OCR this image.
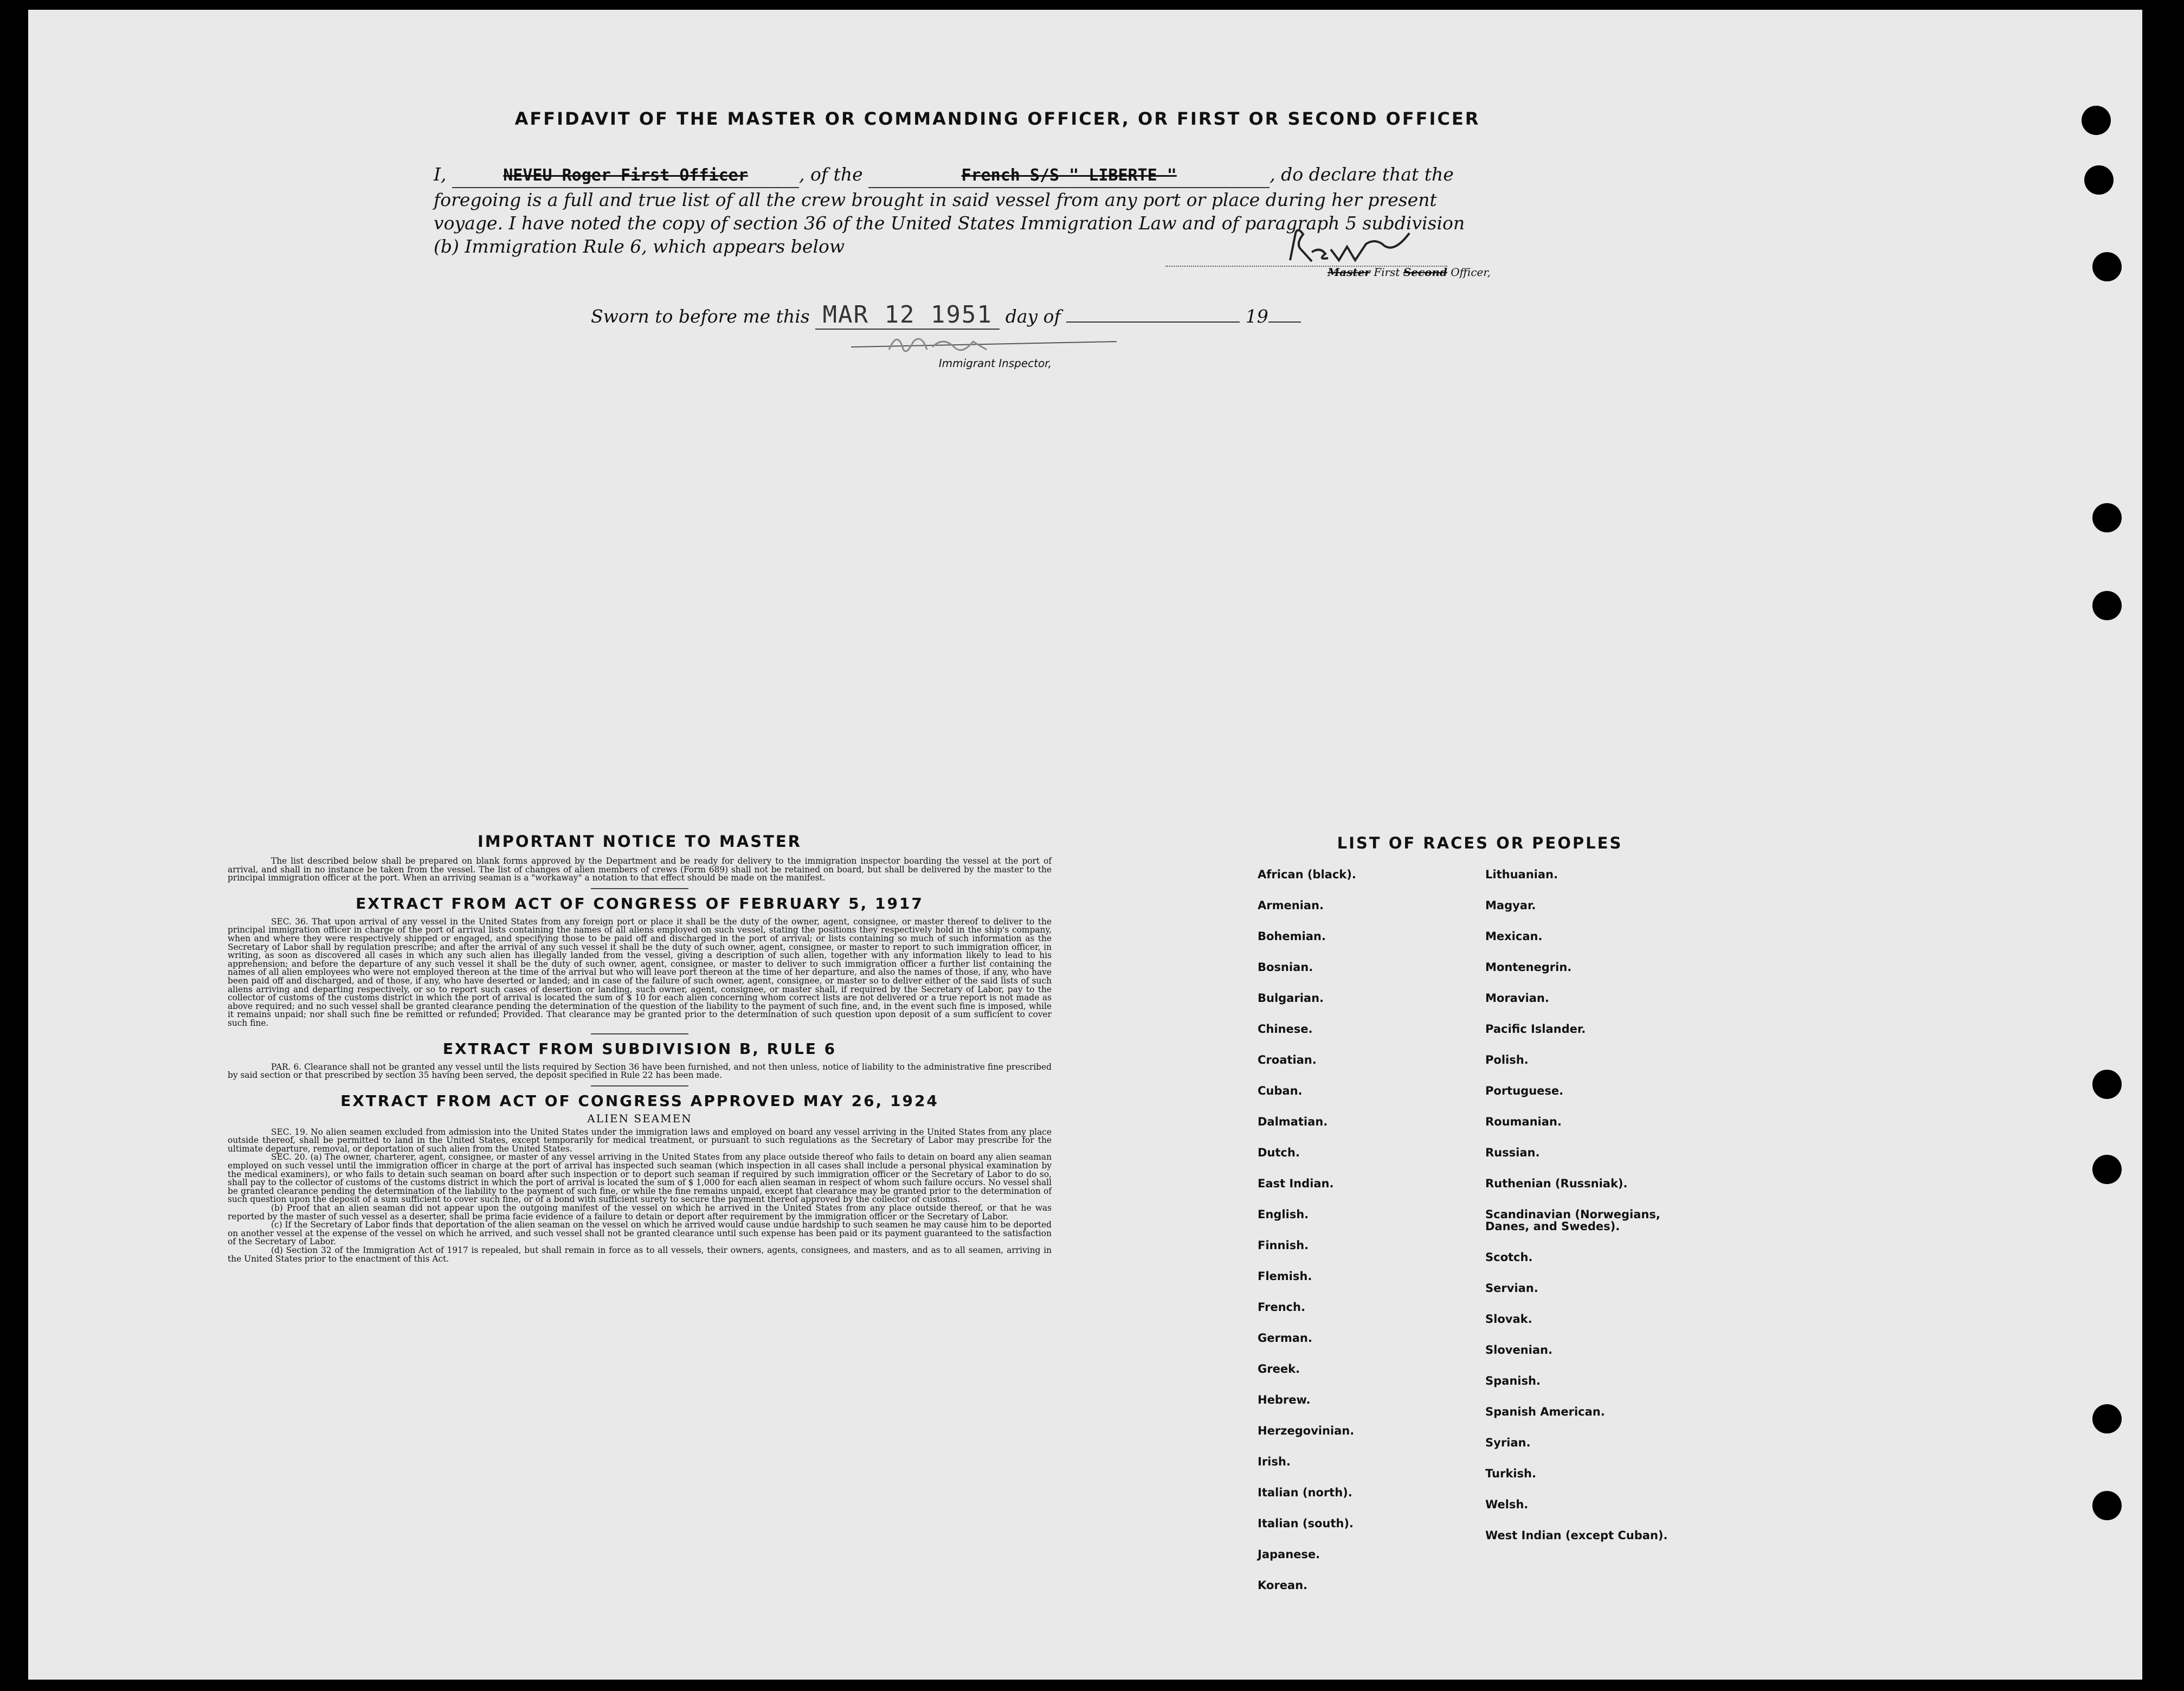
AFFIDAVIT OF THE MASTER OR COMMANDING OFFICER, OR FIRST OR SECOND OFFICER

I,	NEVEU Roger First Officer	, of the	French S/S " LIBERTE "	, do declare that the foregoing is a full and true list of all the crew brought in said vessel from any port or place during her present voyage. I have noted the copy of section 36 of the United States Immigration Law and of paragraph 5 subdivision (b) Immigration Rule 6, which appears below

Master First Second Officer,
Sworn to before me this MAR 12 1951 day of	19
Immigrant Inspector,
IMPORTANT NOTICE TO MASTER

The list described below shall be prepared on blank forms approved by the Department and be ready for delivery to the immigration inspector boarding the vessel at the port of arrival, and shall in no instance be taken from the vessel. The list of changes of alien members of crews (Form 689) shall not be retained on board, but shall be delivered by the master to the principal immigration officer at the port. When an arriving seaman is a "workaway" a notation to that effect should be made on the manifest.

EXTRACT FROM ACT OF CONGRESS OF FEBRUARY 5, 1917

SEC. 36. That upon arrival of any vessel in the United States from any foreign port or place it shall be the duty of the owner, agent, consignee, or master thereof to deliver to the principal immigration officer in charge of the port of arrival lists containing the names of all aliens employed on such vessel, stating the positions they respectively hold in the ship's company, when and where they were respectively shipped or engaged, and specifying those to be paid off and discharged in the port of arrival; or lists containing so much of such information as the Secretary of Labor shall by regulation prescribe; and after the arrival of any such vessel it shall be the duty of such owner, agent, consignee, or master to report to such immigration officer, in writing, as soon as discovered all cases in which any such alien has illegally landed from the vessel, giving a description of such alien, together with any information likely to lead to his apprehension; and before the departure of any such vessel it shall be the duty of such owner, agent, consignee, or master to deliver to such immigration officer a further list containing the names of all alien employees who were not employed thereon at the time of the arrival but who will leave port thereon at the time of her departure, and also the names of those, if any, who have been paid off and discharged, and of those, if any, who have deserted or landed; and in case of the failure of such owner, agent, consignee, or master so to deliver either of the said lists of such aliens arriving and departing respectively, or so to report such cases of desertion or landing, such owner, agent, consignee, or master shall, if required by the Secretary of Labor, pay to the collector of customs of the customs district in which the port of arrival is located the sum of $ 10 for each alien concerning whom correct lists are not delivered or a true report is not made as above required; and no such vessel shall be granted clearance pending the determination of the question of the liability to the payment of such fine, and, in the event such fine is imposed, while it remains unpaid; nor shall such fine be remitted or refunded; Provided. That clearance may be granted prior to the determination of such question upon deposit of a sum sufficient to cover such fine.

EXTRACT FROM SUBDIVISION B, RULE 6

PAR. 6. Clearance shall not be granted any vessel until the lists required by Section 36 have been furnished, and not then unless, notice of liability to the administrative fine prescribed by said section or that prescribed by section 35 having been served, the deposit specified in Rule 22 has been made.

EXTRACT FROM ACT OF CONGRESS APPROVED MAY 26, 1924
ALIEN SEAMEN

SEC. 19. No alien seamen excluded from admission into the United States under the immigration laws and employed on board any vessel arriving in the United States from any place outside thereof, shall be permitted to land in the United States, except temporarily for medical treatment, or pursuant to such regulations as the Secretary of Labor may prescribe for the ultimate departure, removal, or deportation of such alien from the United States.

SEC. 20. (a) The owner, charterer, agent, consignee, or master of any vessel arriving in the United States from any place outside thereof who fails to detain on board any alien seaman employed on such vessel until the immigration officer in charge at the port of arrival has inspected such seaman (which inspection in all cases shall include a personal physical examination by the medical examiners), or who fails to detain such seaman on board after such inspection or to deport such seaman if required by such immigration officer or the Secretary of Labor to do so, shall pay to the collector of customs of the customs district in which the port of arrival is located the sum of $ 1,000 for each alien seaman in respect of whom such failure occurs. No vessel shall be granted clearance pending the determination of the liability to the payment of such fine, or while the fine remains unpaid, except that clearance may be granted prior to the determination of such question upon the deposit of a sum sufficient to cover such fine, or of a bond with sufficient surety to secure the payment thereof approved by the collector of customs.

(b) Proof that an alien seaman did not appear upon the outgoing manifest of the vessel on which he arrived in the United States from any place outside thereof, or that he was reported by the master of such vessel as a deserter, shall be prima facie evidence of a failure to detain or deport after requirement by the immigration officer or the Secretary of Labor.

(c) If the Secretary of Labor finds that deportation of the alien seaman on the vessel on which he arrived would cause undue hardship to such seamen he may cause him to be deported on another vessel at the expense of the vessel on which he arrived, and such vessel shall not be granted clearance until such expense has been paid or its payment guaranteed to the satisfaction of the Secretary of Labor.

(d) Section 32 of the Immigration Act of 1917 is repealed, but shall remain in force as to all vessels, their owners, agents, consignees, and masters, and as to all seamen, arriving in the United States prior to the enactment of this Act.

LIST OF RACES OR PEOPLES
African (black).
Armenian.
Bohemian.
Bosnian.
Bulgarian.
Chinese.
Croatian.
Cuban.
Dalmatian.
Dutch.
East Indian.
English.
Finnish.
Flemish.
French.
German.
Greek.
Hebrew.
Herzegovinian.
Irish.
Italian (north).
Italian (south).
Japanese.
Korean.
Lithuanian.
Magyar.
Mexican.
Montenegrin.
Moravian.
Pacific Islander.
Polish.
Portuguese.
Roumanian.
Russian.
Ruthenian (Russniak).
Scandinavian (Norwegians, Danes, and Swedes).
Scotch.
Servian.
Slovak.
Slovenian.
Spanish.
Spanish American.
Syrian.
Turkish.
Welsh.
West Indian (except Cuban).
